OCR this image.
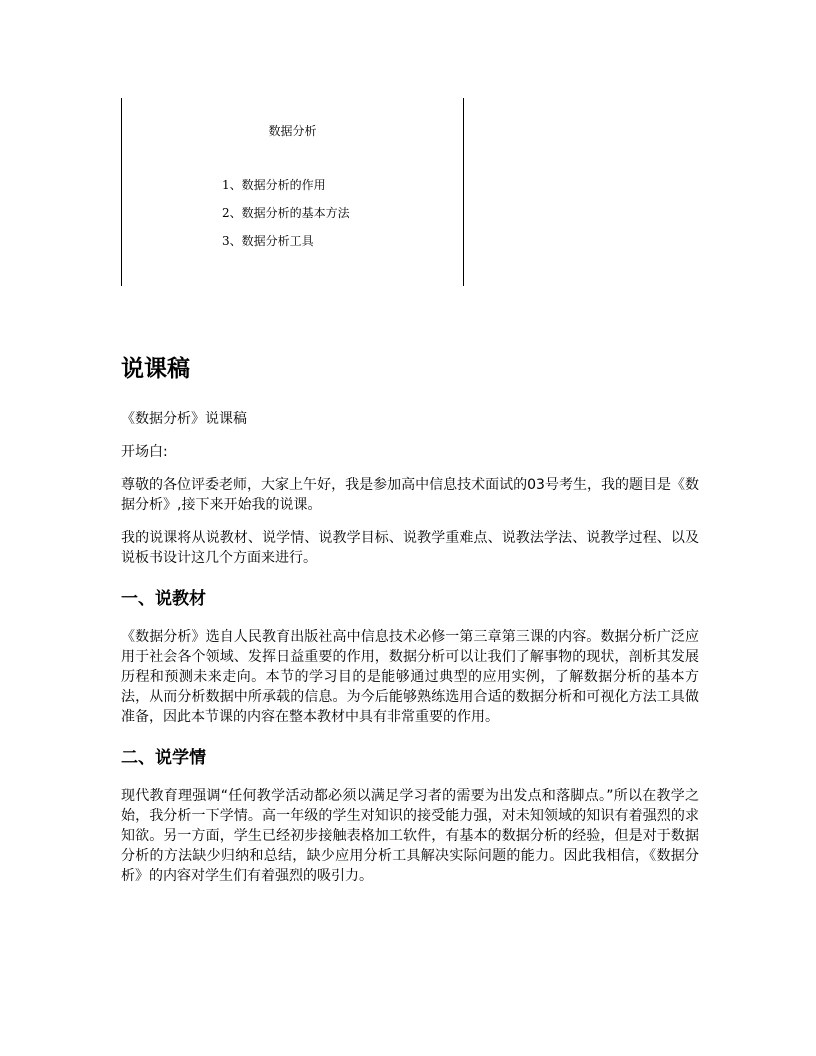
数据分析
1、数据分析的作用
2、数据分析的基本方法
3、数据分析工具
说课稿

《数据分析》说课稿

开场白:

尊敬的各位评委老师，大家上午好，我是参加高中信息技术面试的03号考生，我的题目是《数据分析》,接下来开始我的说课。

我的说课将从说教材、说学情、说教学目标、说教学重难点、说教法学法、说教学过程、以及说板书设计这几个方面来进行。

一、说教材

《数据分析》选自人民教育出版社高中信息技术必修一第三章第三课的内容。数据分析广泛应用于社会各个领域、发挥日益重要的作用，数据分析可以让我们了解事物的现状，剖析其发展历程和预测未来走向。本节的学习目的是能够通过典型的应用实例，了解数据分析的基本方法，从而分析数据中所承载的信息。为今后能够熟练选用合适的数据分析和可视化方法工具做准备，因此本节课的内容在整本教材中具有非常重要的作用。

二、说学情

现代教育理强调“任何教学活动都必须以满足学习者的需要为出发点和落脚点。”所以在教学之始，我分析一下学情。高一年级的学生对知识的接受能力强，对未知领域的知识有着强烈的求知欲。另一方面，学生已经初步接触表格加工软件，有基本的数据分析的经验，但是对于数据分析的方法缺少归纳和总结，缺少应用分析工具解决实际问题的能力。因此我相信，《数据分析》的内容对学生们有着强烈的吸引力。
